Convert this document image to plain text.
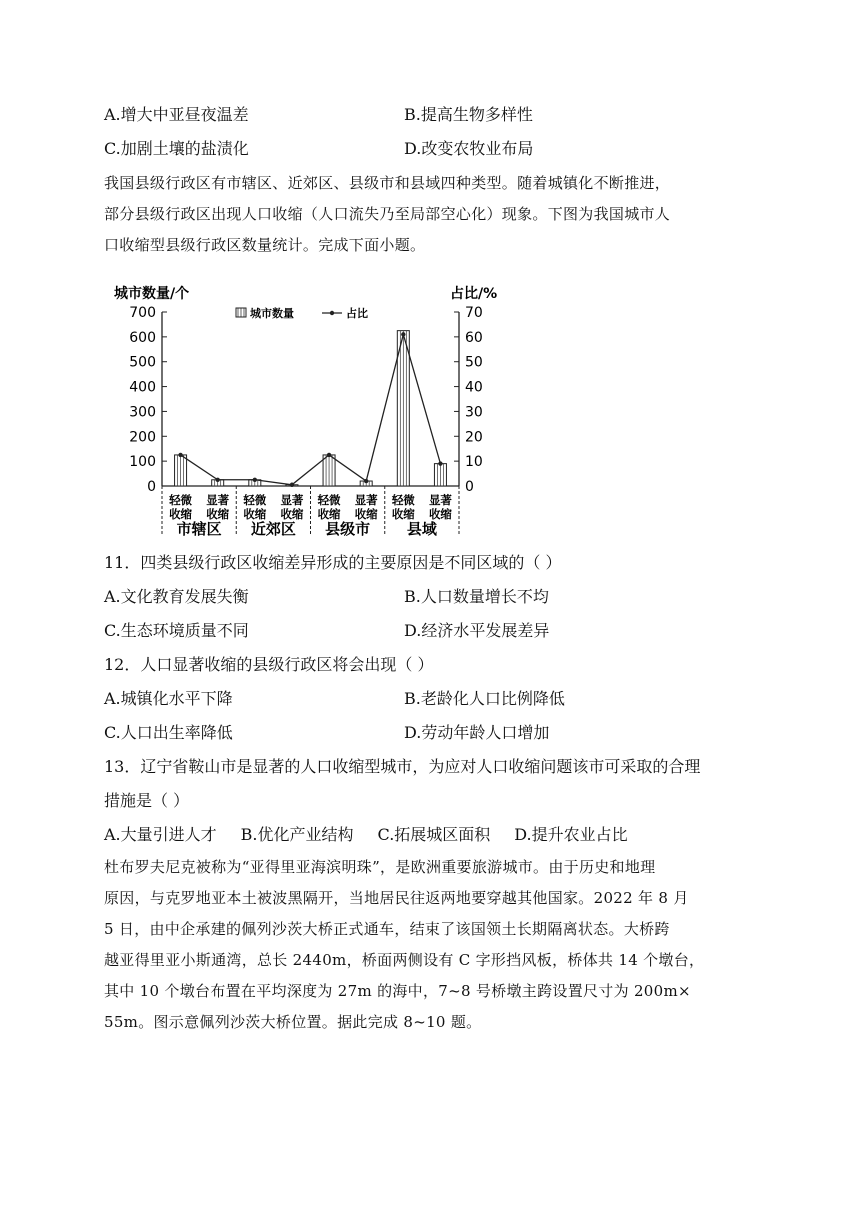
A.增大中亚昼夜温差	B.提高生物多样性
C.加剧土壤的盐渍化	D.改变农牧业布局
我国县级行政区有市辖区、近郊区、县级市和县域四种类型。随着城镇化不断推进，
部分县级行政区出现人口收缩（人口流失乃至局部空心化）现象。下图为我国城市人
口收缩型县级行政区数量统计。完成下面小题。
城市数量/个	占比/%
700
600
500
400
300
200
100
0
70
60
50
40
30
20
10
0
轻微
收缩
显著
收缩
轻微
收缩
显著
收缩
轻微
收缩
显著
收缩
轻微
收缩
显著
收缩
市辖区 近郊区 县级市 县域
城市数量	占比
11．四类县级行政区收缩差异形成的主要原因是不同区域的（ ）
A.文化教育发展失衡	B.人口数量增长不均
C.生态环境质量不同	D.经济水平发展差异
12．人口显著收缩的县级行政区将会出现（ ）
A.城镇化水平下降	B.老龄化人口比例降低
C.人口出生率降低	D.劳动年龄人口增加
13．辽宁省鞍山市是显著的人口收缩型城市，为应对人口收缩问题该市可采取的合理
措施是（ ）
A.大量引进人才 B.优化产业结构 C.拓展城区面积 D.提升农业占比
杜布罗夫尼克被称为“亚得里亚海滨明珠”，是欧洲重要旅游城市。由于历史和地理
原因，与克罗地亚本土被波黑隔开，当地居民往返两地要穿越其他国家。2022 年 8 月
5 日，由中企承建的佩列沙茨大桥正式通车，结束了该国领土长期隔离状态。大桥跨
越亚得里亚小斯通湾，总长 2440m，桥面两侧设有 C 字形挡风板，桥体共 14 个墩台，
其中 10 个墩台布置在平均深度为 27m 的海中，7~8 号桥墩主跨设置尺寸为 200m×
55m。图示意佩列沙茨大桥位置。据此完成 8~10 题。
